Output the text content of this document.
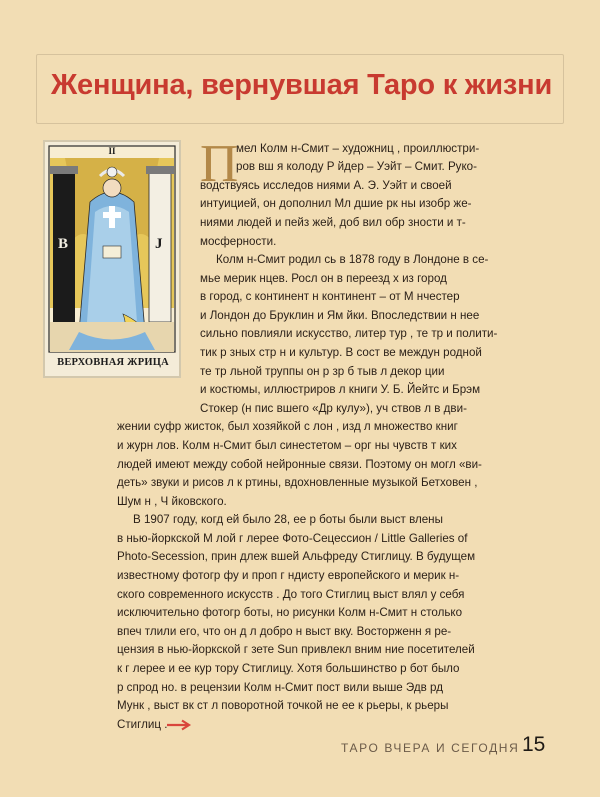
Женщина, вернувшая Таро к жизни
II
B	J
ВЕРХОВНАЯ ЖРИЦА
П
мел Колм н-Смит – художниц , проиллюстри-
ров вш я колоду Р йдер – Уэйт – Смит. Руко-
водствуясь исследов ниями А. Э. Уэйт и своей
интуицией, он дополнил Мл дшие рк ны изобр же-
ниями людей и пейз жей, доб вил обр зности и т-
мосферности.
Колм н-Смит родил сь в 1878 году в Лондоне в се-
мье мерик нцев. Росл он в переезд х из город
в город, с континент н континент – от М нчестер
и Лондон до Бруклин и Ям йки. Впоследствии н нее
сильно повлияли искусство, литер тур , те тр и полити-
тик р зных стр н и культур. В сост ве междун родной
те тр льной труппы он р зр б тыв л декор ции
и костюмы, иллюстриров л книги У. Б. Йейтс и Брэм
Стокер (н пис вшего «Др кулу»), уч ствов л в дви-
жении суфр жисток, был хозяйкой с лон , изд л множество книг
и журн лов. Колм н-Смит был синестетом – орг ны чувств т ких
людей имеют между собой нейронные связи. Поэтому он могл «ви-
деть» звуки и рисов л к ртины, вдохновленные музыкой Бетховен ,
Шум н , Ч йковского.
В 1907 году, когд ей было 28, ее р боты были выст влены
в нью-йоркской М лой г лерее Фото-Сецессион / Little Galleries of
Photo-Secession, прин длеж вшей Альфреду Стиглицу. В будущем
известному фотогр фу и проп г ндисту европейского и мерик н-
ского современного искусств . До того Стиглиц выст влял у себя
исключительно фотогр боты, но рисунки Колм н-Смит н столько
впеч тлили его, что он д л добро н выст вку. Восторженн я ре-
цензия в нью-йоркской г зете Sun привлекл вним ние посетителей
к г лерее и ее кур тору Стиглицу. Хотя большинство р бот было
р спрод но. в рецензии Колм н-Смит пост вили выше Эдв рд
Мунк , выст вк ст л поворотной точкой не ее к рьеры, к рьеры
Стиглиц .
ТАРО ВЧЕРА И СЕГОДНЯ 15
